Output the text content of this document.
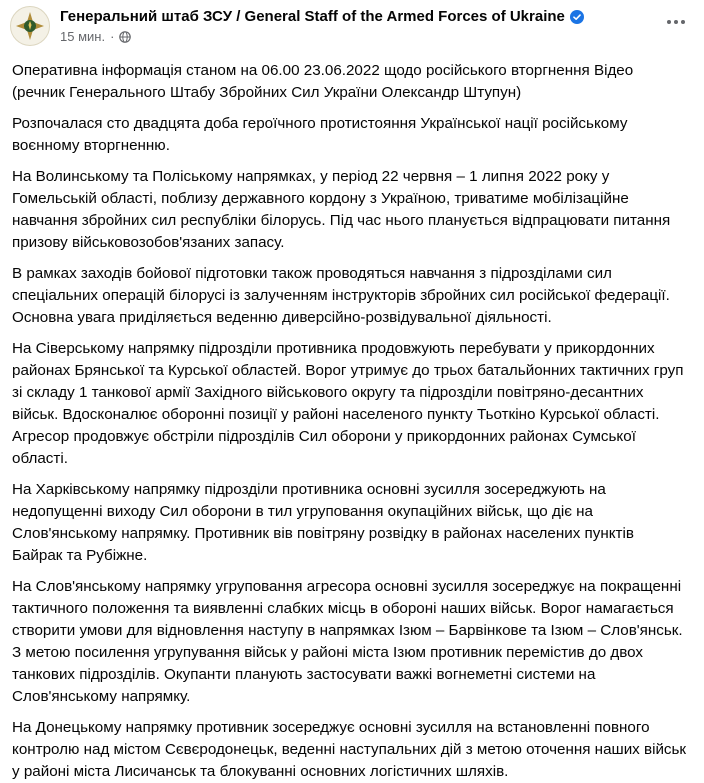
Генеральний штаб ЗСУ / General Staff of the Armed Forces of Ukraine
15 мин. ·

Оперативна інформація станом на 06.00 23.06.2022 щодо російського вторгнення Відео (речник Генерального Штабу Збройних Сил України Олександр Штупун)

Розпочалася сто двадцята доба героїчного протистояння Української нації російському воєнному вторгненню.

На Волинському та Поліському напрямках, у період 22 червня – 1 липня 2022 року у Гомельській області, поблизу державного кордону з Україною, триватиме мобілізаційне навчання збройних сил республіки білорусь. Під час нього планується відпрацювати питання призову військовозобов'язаних запасу.

В рамках заходів бойової підготовки також проводяться навчання з підрозділами сил спеціальних операцій білорусі із залученням інструкторів збройних сил російської федерації. Основна увага приділяється веденню диверсійно-розвідувальної діяльності.

На Сіверському напрямку підрозділи противника продовжують перебувати у прикордонних районах Брянської та Курської областей. Ворог утримує до трьох батальйонних тактичних груп зі складу 1 танкової армії Західного військового округу та підрозділи повітряно-десантних військ. Вдосконалює оборонні позиції у районі населеного пункту Тьоткіно Курської області. Агресор продовжує обстріли підрозділів Сил оборони у прикордонних районах Сумської області.

На Харківському напрямку підрозділи противника основні зусилля зосереджують на недопущенні виходу Сил оборони в тил угруповання окупаційних військ, що діє на Слов'янському напрямку. Противник вів повітряну розвідку в районах населених пунктів Байрак та Рубіжне.

На Слов'янському напрямку угруповання агресора основні зусилля зосереджує на покращенні тактичного положення та виявленні слабких місць в обороні наших військ. Ворог намагається створити умови для відновлення наступу в напрямках Ізюм – Барвінкове та Ізюм – Слов'янськ. З метою посилення угрупування військ у районі міста Ізюм противник перемістив до двох танкових підрозділів. Окупанти планують застосувати важкі вогнеметні системи на Слов'янському напрямку.

На Донецькому напрямку противник зосереджує основні зусилля на встановленні повного контролю над містом Сєвєродонецьк, веденні наступальних дій з метою оточення наших військ у районі міста Лисичанськ та блокуванні основних логістичних шляхів.
